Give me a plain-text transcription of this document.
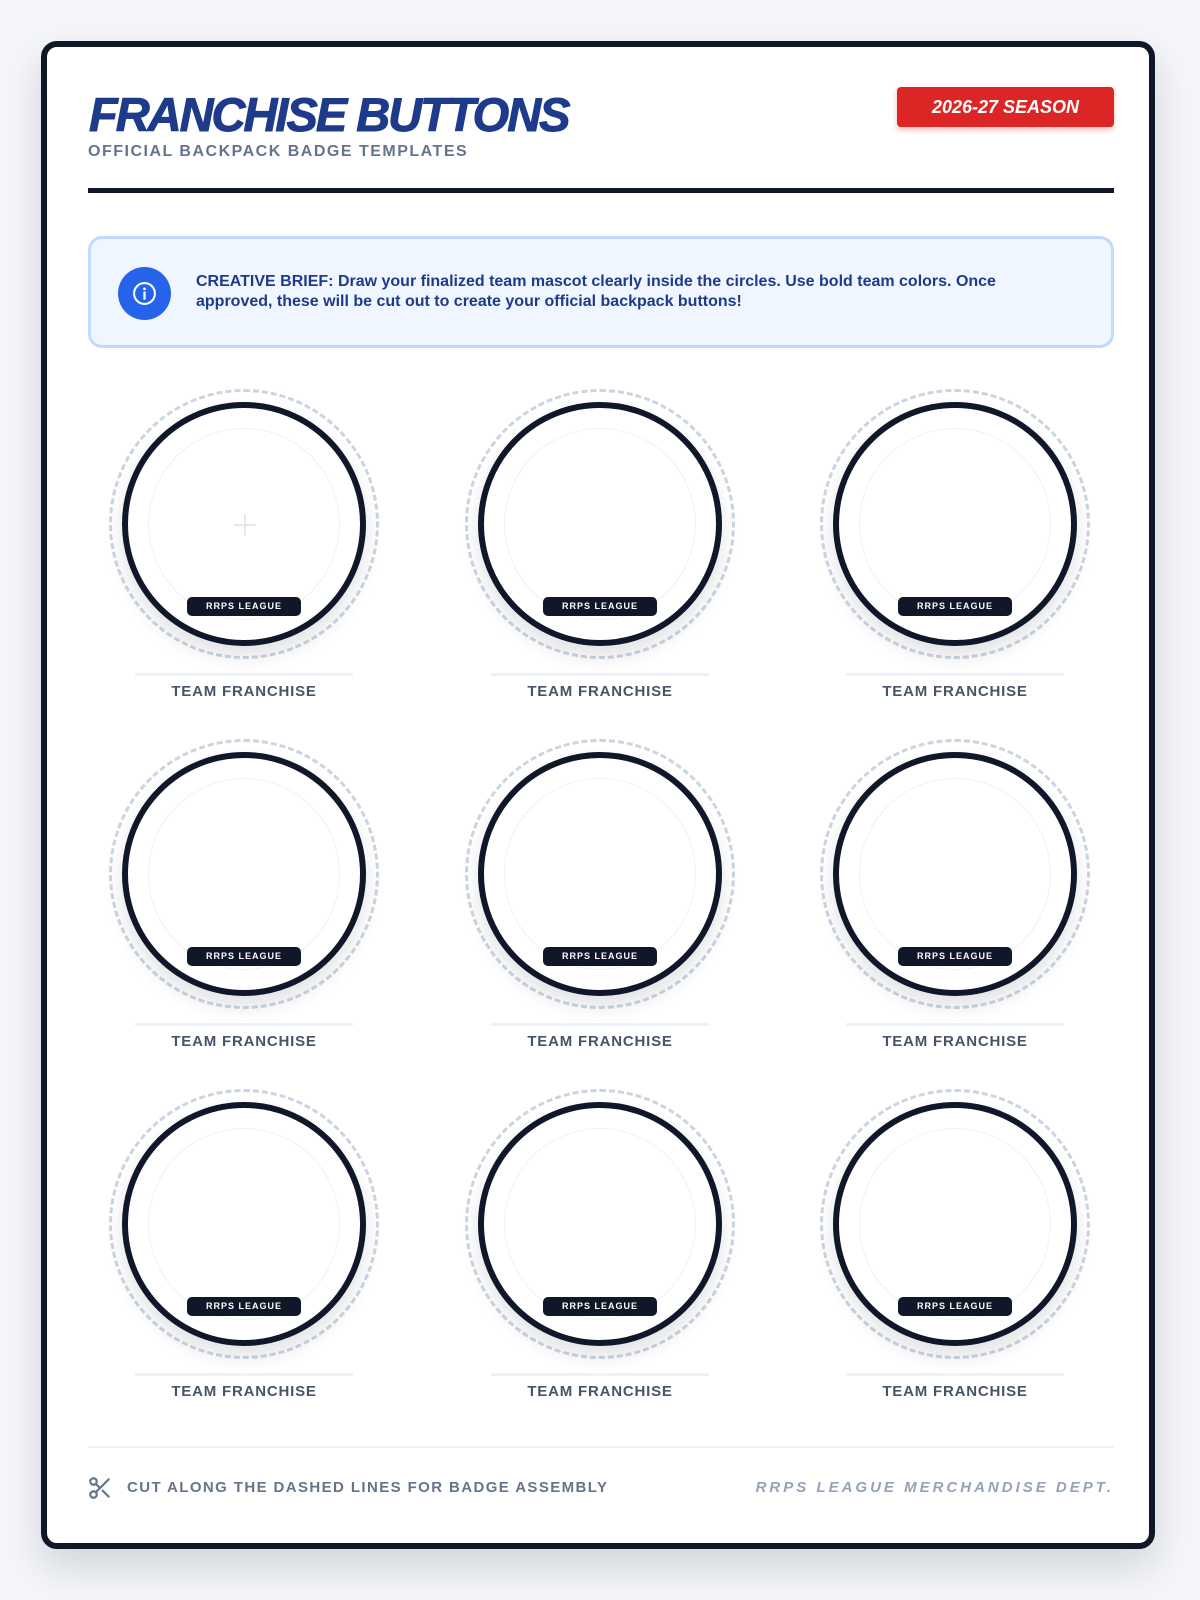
FRANCHISE BUTTONS
OFFICIAL BACKPACK BADGE TEMPLATES
2026-27 SEASON
CREATIVE BRIEF: Draw your finalized team mascot clearly inside the circles. Use bold team colors. Once approved, these will be cut out to create your official backpack buttons!
RRPS LEAGUE
TEAM FRANCHISE
RRPS LEAGUE
TEAM FRANCHISE
RRPS LEAGUE
TEAM FRANCHISE
RRPS LEAGUE
TEAM FRANCHISE
RRPS LEAGUE
TEAM FRANCHISE
RRPS LEAGUE
TEAM FRANCHISE
RRPS LEAGUE
TEAM FRANCHISE
RRPS LEAGUE
TEAM FRANCHISE
RRPS LEAGUE
TEAM FRANCHISE
CUT ALONG THE DASHED LINES FOR BADGE ASSEMBLY	RRPS LEAGUE MERCHANDISE DEPT.
